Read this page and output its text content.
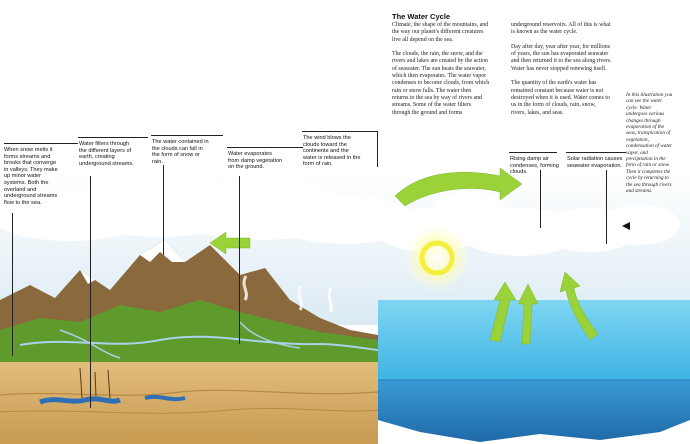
The Water Cycle
Climate, the shape of the mountains, and
the way our planet's different creatures
live all depend on the sea.

The clouds, the rain, the snow, and the
rivers and lakes are created by the action
of seawater. The sun heats the seawater,
which then evaporates. The water vapor
condenses to become clouds, from which
rain or snow falls. The water then
returns to the sea by way of rivers and
streams. Some of the water filters
through the ground and forms
underground reservoirs. All of this is what
is known as the water cycle.

Day after day, year after year, for millions
of years, the sun has evaporated seawater
and then returned it to the sea along rivers.
Water has never stopped renewing itself.

The quantity of the earth's water has
remained constant because water is not
destroyed when it is used. Water comes to
us in the form of clouds, rain, snow,
rivers, lakes, and seas.
In this illustration you
can see the water
cycle. Water
undergoes various
changes through
evaporation of the
seas, transpiration of
vegetation,
condensation of water
vapor, and
precipitation in the
form of rain or snow.
Then it completes the
cycle by returning to
the sea through rivers
and streams.
When snow melts it
forms streams and
brooks that converge
in valleys. They make
up minor water
systems. Both the
overland and
underground streams
flow to the sea.
Water filters through
the different layers of
earth, creating
underground streams.
The water contained in
the clouds can fall in
the form of snow or
rain.
Water evaporates
from damp vegetation
on the ground.
The wind blows the
clouds toward the
continents and the
water is released in the
form of rain.
Rising damp air
condenses, forming
clouds.
Solar radiation causes
seawater evaporation.
